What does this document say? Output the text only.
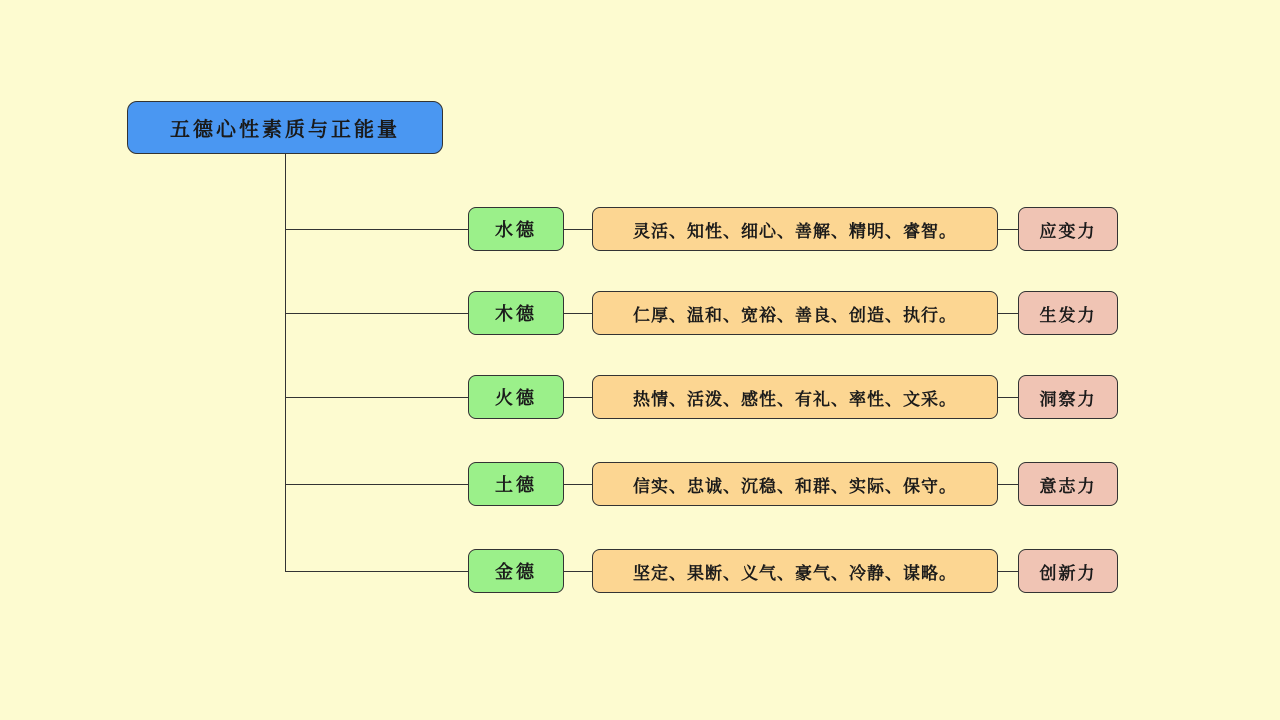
五德心性素质与正能量
水德	灵活、知性、细心、善解、精明、睿智。	应变力
木德	仁厚、温和、宽裕、善良、创造、执行。	生发力
火德	热情、活泼、感性、有礼、率性、文采。	洞察力
土德	信实、忠诚、沉稳、和群、实际、保守。	意志力
金德	坚定、果断、义气、豪气、冷静、谋略。	创新力
